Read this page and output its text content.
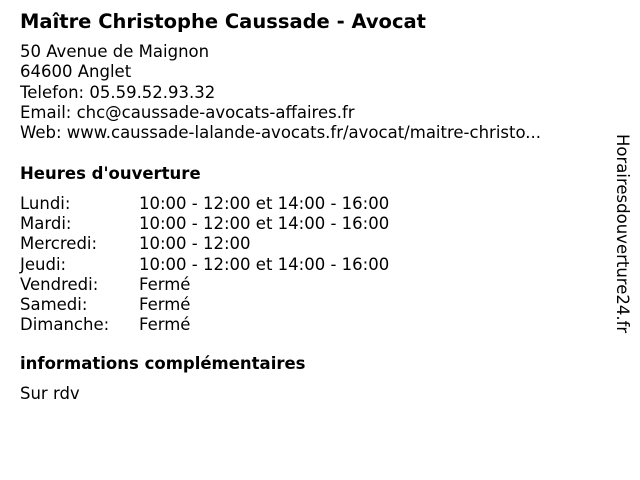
Maître Christophe Caussade - Avocat
50 Avenue de Maignon
64600 Anglet
Telefon: 05.59.52.93.32
Email: chc@caussade-avocats-affaires.fr
Web: www.caussade-lalande-avocats.fr/avocat/maitre-christo...
Heures d'ouverture
Lundi:	10:00 - 12:00 et 14:00 - 16:00
Mardi:	10:00 - 12:00 et 14:00 - 16:00
Mercredi:	10:00 - 12:00
Jeudi:	10:00 - 12:00 et 14:00 - 16:00
Vendredi: Fermé
Samedi:	Fermé
Dimanche: Fermé
informations complémentaires
Sur rdv
Horairesdouverture24.fr
